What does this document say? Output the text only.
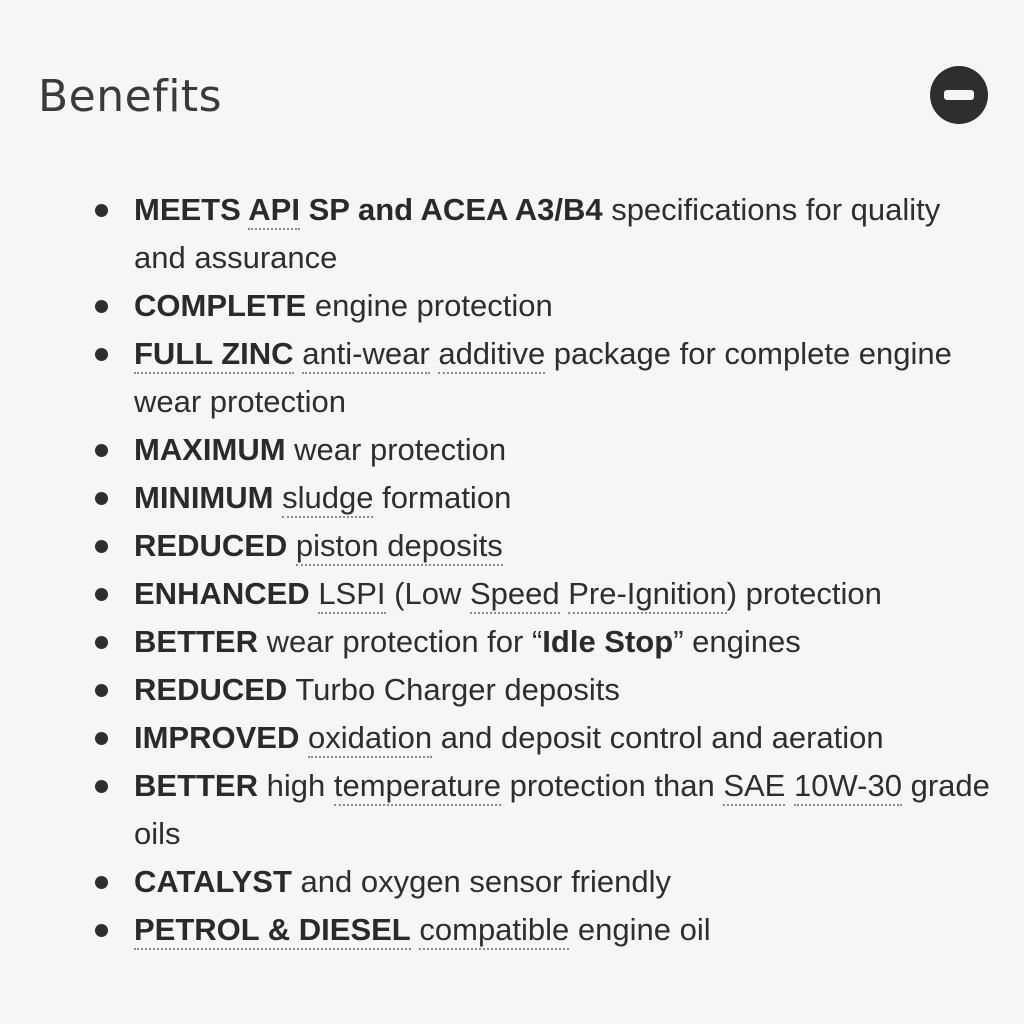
Benefits
MEETS API SP and ACEA A3/B4 specifications for quality and assurance
COMPLETE engine protection
FULL ZINC anti-wear additive package for complete engine wear protection
MAXIMUM wear protection
MINIMUM sludge formation
REDUCED piston deposits
ENHANCED LSPI (Low Speed Pre-Ignition) protection
BETTER wear protection for “Idle Stop” engines
REDUCED Turbo Charger deposits
IMPROVED oxidation and deposit control and aeration
BETTER high temperature protection than SAE 10W-30 grade oils
CATALYST and oxygen sensor friendly
PETROL & DIESEL compatible engine oil
